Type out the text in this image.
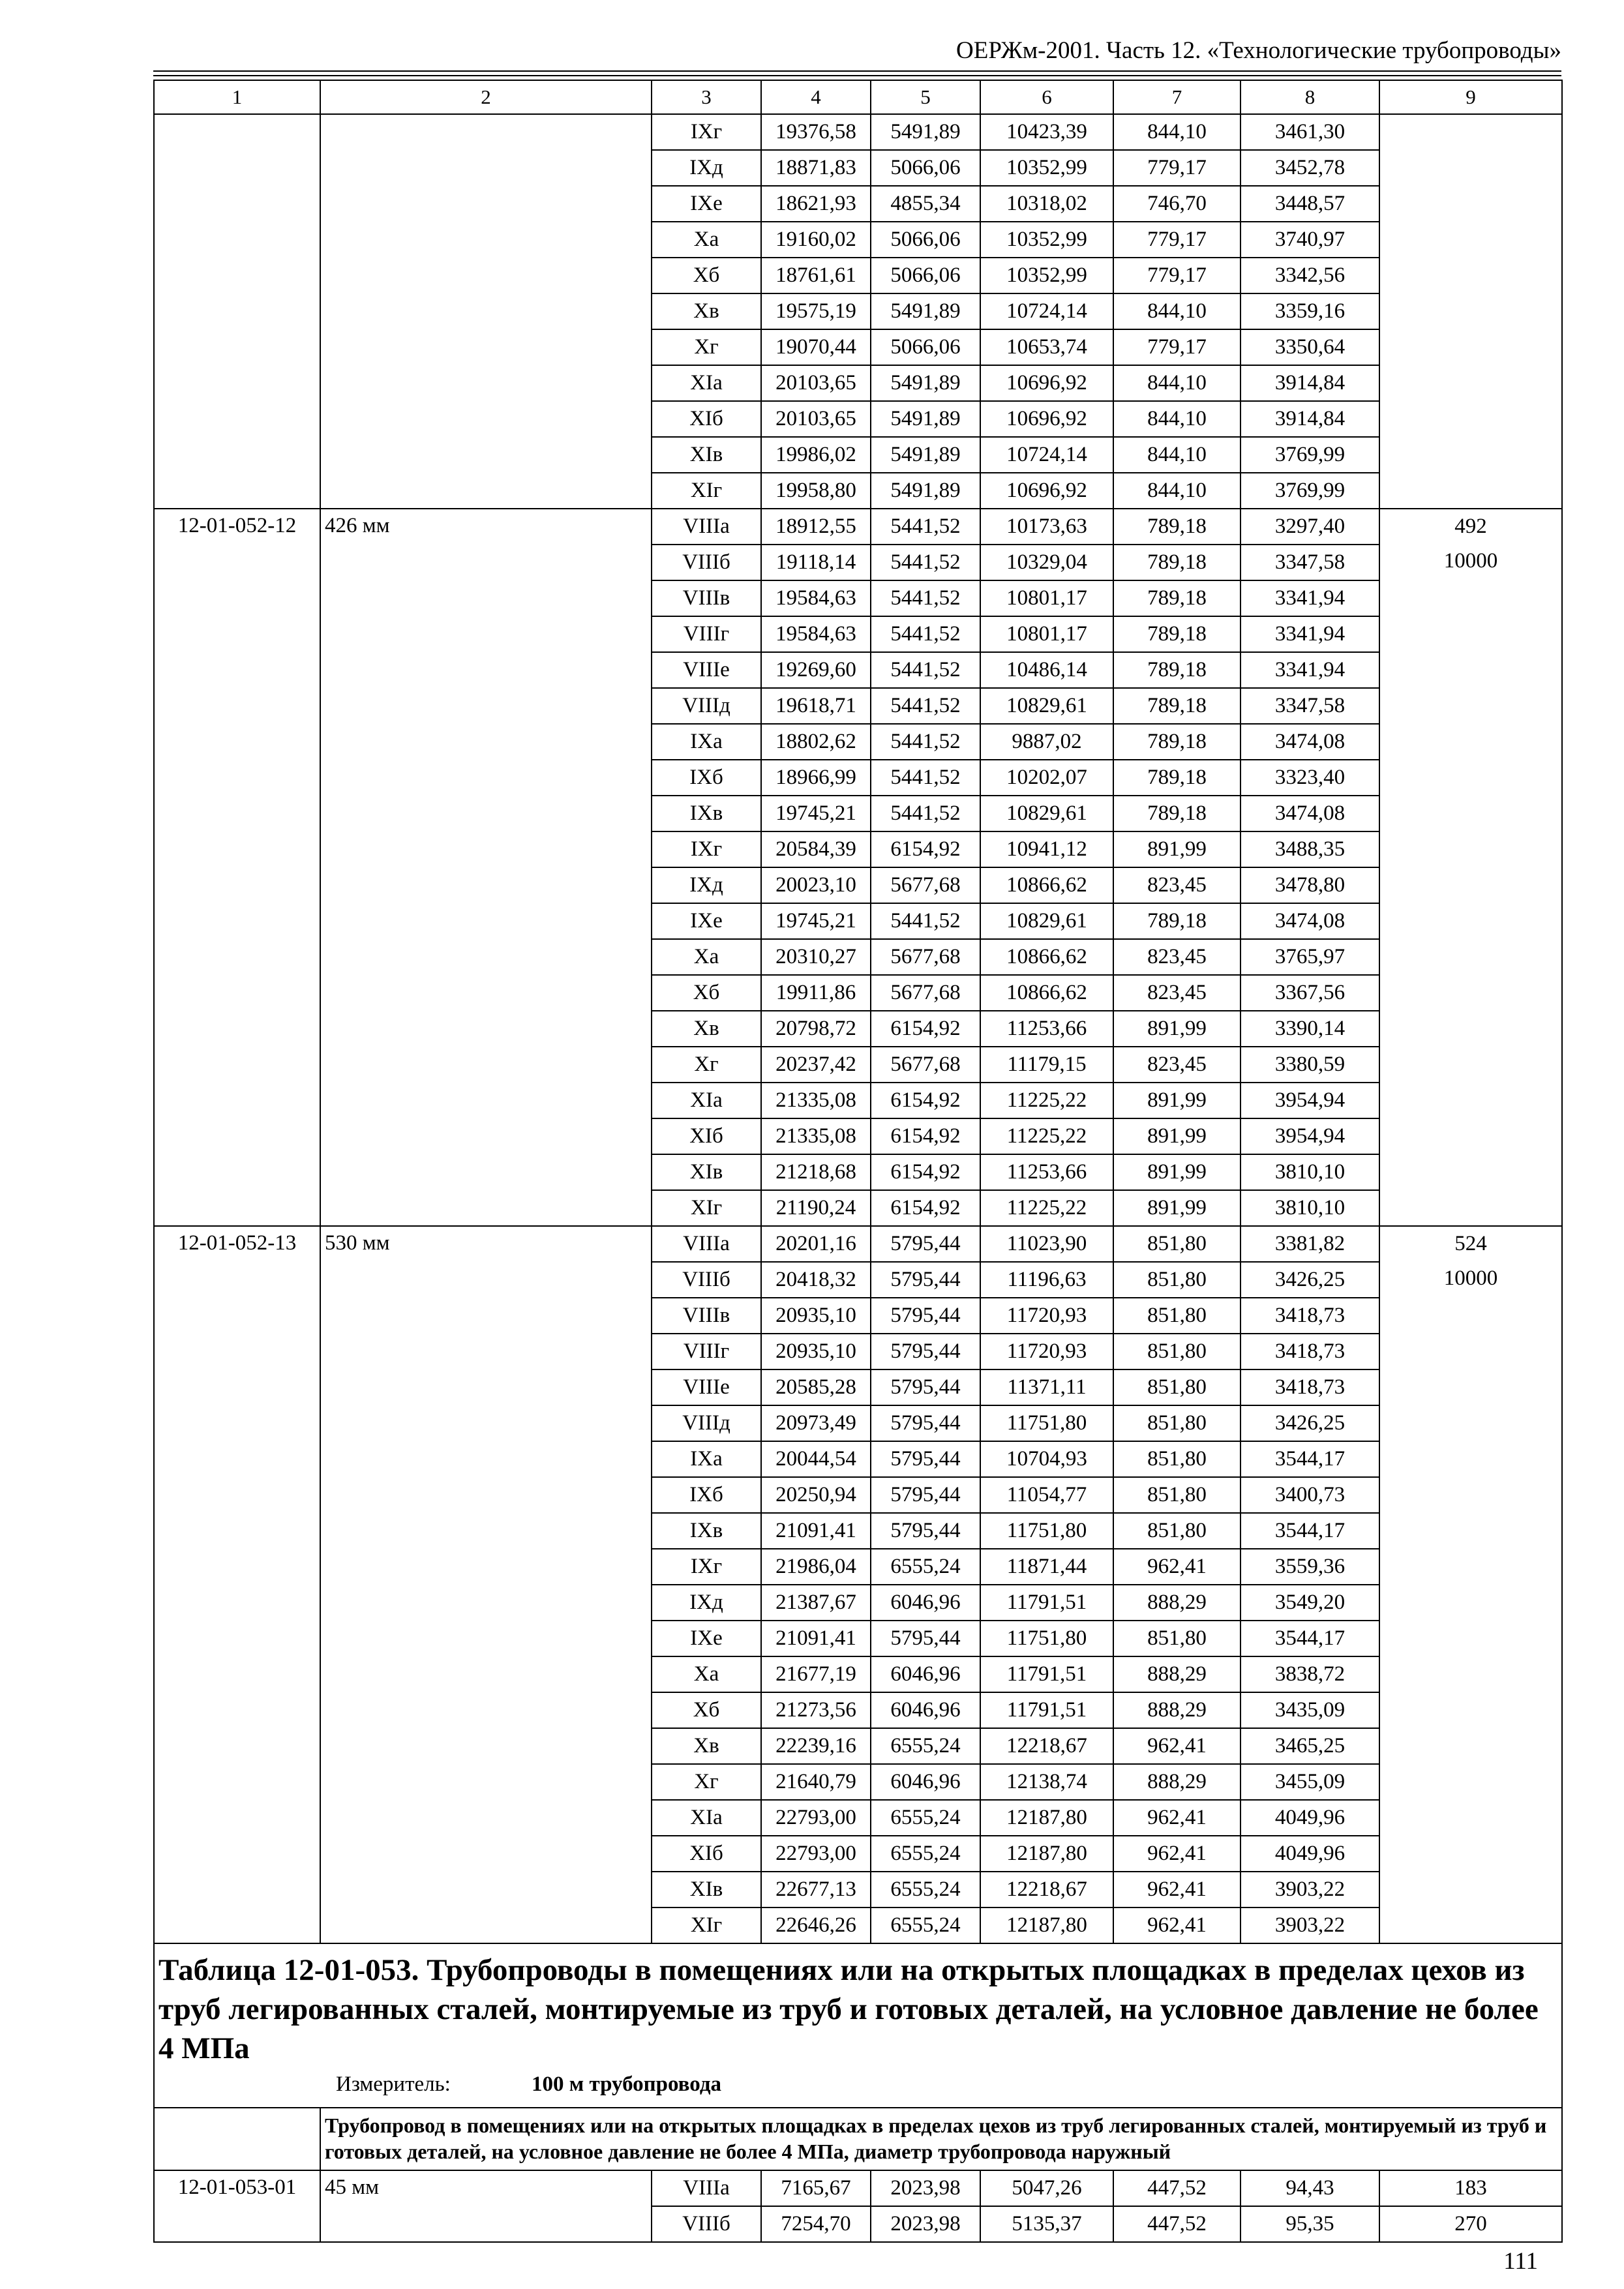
ОЕРЖм-2001. Часть 12. «Технологические трубопроводы»
1	2	3	4	5	6	7	8	9
		IXг	19376,58	5491,89	10423,39	844,10	3461,30	
		IXд	18871,83	5066,06	10352,99	779,17	3452,78	
		IXе	18621,93	4855,34	10318,02	746,70	3448,57	
		Xа	19160,02	5066,06	10352,99	779,17	3740,97	
		Xб	18761,61	5066,06	10352,99	779,17	3342,56	
		Xв	19575,19	5491,89	10724,14	844,10	3359,16	
		Xг	19070,44	5066,06	10653,74	779,17	3350,64	
		XIа	20103,65	5491,89	10696,92	844,10	3914,84	
		XIб	20103,65	5491,89	10696,92	844,10	3914,84	
		XIв	19986,02	5491,89	10724,14	844,10	3769,99	
		XIг	19958,80	5491,89	10696,92	844,10	3769,99	
12-01-052-12	426 мм	VIIIа	18912,55	5441,52	10173,63	789,18	3297,40	492
10000

		VIIIб	19118,14	5441,52	10329,04	789,18	3347,58	
		VIIIв	19584,63	5441,52	10801,17	789,18	3341,94	
		VIIIг	19584,63	5441,52	10801,17	789,18	3341,94	
		VIIIе	19269,60	5441,52	10486,14	789,18	3341,94	
		VIIIд	19618,71	5441,52	10829,61	789,18	3347,58	
		IXа	18802,62	5441,52	9887,02	789,18	3474,08	
		IXб	18966,99	5441,52	10202,07	789,18	3323,40	
		IXв	19745,21	5441,52	10829,61	789,18	3474,08	
		IXг	20584,39	6154,92	10941,12	891,99	3488,35	
		IXд	20023,10	5677,68	10866,62	823,45	3478,80	
		IXе	19745,21	5441,52	10829,61	789,18	3474,08	
		Xа	20310,27	5677,68	10866,62	823,45	3765,97	
		Xб	19911,86	5677,68	10866,62	823,45	3367,56	
		Xв	20798,72	6154,92	11253,66	891,99	3390,14	
		Xг	20237,42	5677,68	11179,15	823,45	3380,59	
		XIа	21335,08	6154,92	11225,22	891,99	3954,94	
		XIб	21335,08	6154,92	11225,22	891,99	3954,94	
		XIв	21218,68	6154,92	11253,66	891,99	3810,10	
		XIг	21190,24	6154,92	11225,22	891,99	3810,10	
12-01-052-13	530 мм	VIIIа	20201,16	5795,44	11023,90	851,80	3381,82	524
10000

		VIIIб	20418,32	5795,44	11196,63	851,80	3426,25	
		VIIIв	20935,10	5795,44	11720,93	851,80	3418,73	
		VIIIг	20935,10	5795,44	11720,93	851,80	3418,73	
		VIIIе	20585,28	5795,44	11371,11	851,80	3418,73	
		VIIIд	20973,49	5795,44	11751,80	851,80	3426,25	
		IXа	20044,54	5795,44	10704,93	851,80	3544,17	
		IXб	20250,94	5795,44	11054,77	851,80	3400,73	
		IXв	21091,41	5795,44	11751,80	851,80	3544,17	
		IXг	21986,04	6555,24	11871,44	962,41	3559,36	
		IXд	21387,67	6046,96	11791,51	888,29	3549,20	
		IXе	21091,41	5795,44	11751,80	851,80	3544,17	
		Xа	21677,19	6046,96	11791,51	888,29	3838,72	
		Xб	21273,56	6046,96	11791,51	888,29	3435,09	
		Xв	22239,16	6555,24	12218,67	962,41	3465,25	
		Xг	21640,79	6046,96	12138,74	888,29	3455,09	
		XIа	22793,00	6555,24	12187,80	962,41	4049,96	
		XIб	22793,00	6555,24	12187,80	962,41	4049,96	
		XIв	22677,13	6555,24	12218,67	962,41	3903,22	
		XIг	22646,26	6555,24	12187,80	962,41	3903,22	

Таблица 12-01-053. Трубопроводы в помещениях или на открытых площадках в пределах цехов из труб легированных сталей, монтируемые из труб и готовых деталей, на условное давление не более 4 МПа
Измеритель: 100 м трубопровода								

	Трубопровод в помещениях или на открытых площадках в пределах цехов из труб легированных сталей, монтируемый из труб и готовых деталей, на условное давление не более 4 МПа, диаметр трубопровода наружный							
12-01-053-01	45 мм	VIIIа	7165,67	2023,98	5047,26	447,52	94,43	183
		VIIIб	7254,70	2023,98	5135,37	447,52	95,35	270
111
